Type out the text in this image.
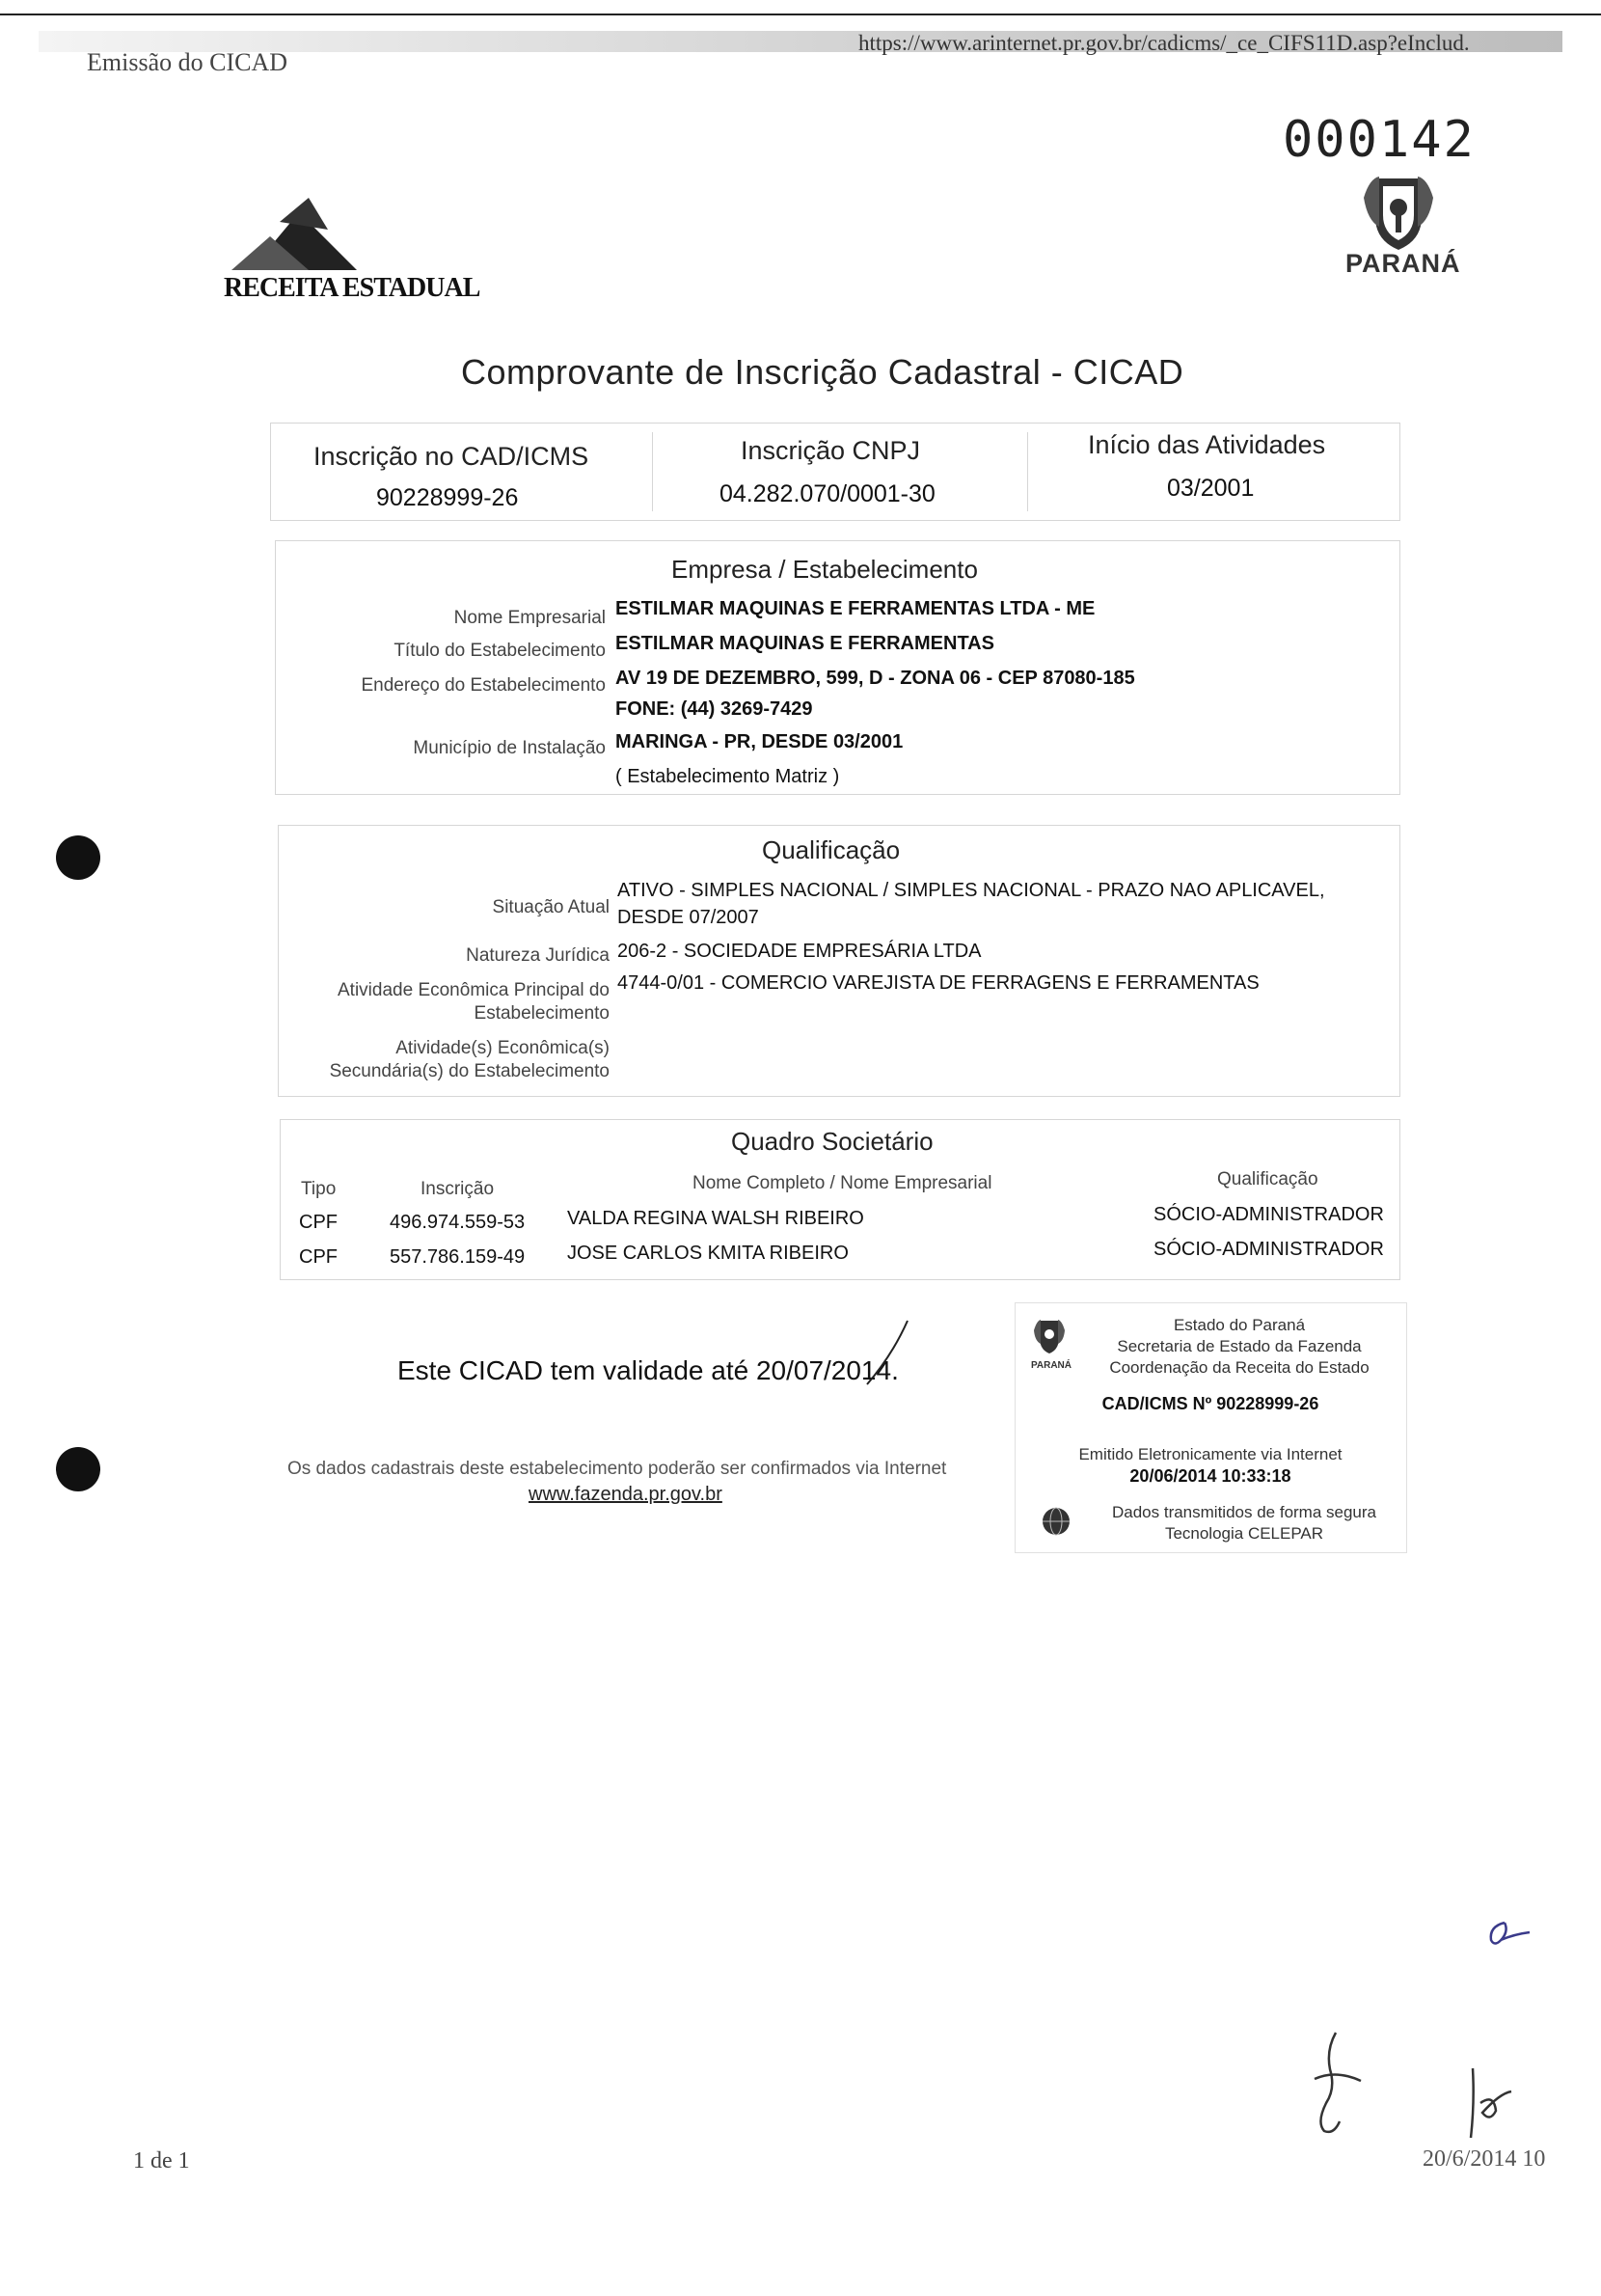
Emissão do CICAD
https://www.arinternet.pr.gov.br/cadicms/_ce_CIFS11D.asp?eInclud.
000142
PARANÁ
RECEITA ESTADUAL
Comprovante de Inscrição Cadastral - CICAD
Inscrição no CAD/ICMS
90228999-26
Inscrição CNPJ
04.282.070/0001-30
Início das Atividades
03/2001
Empresa / Estabelecimento
Nome Empresarial ESTILMAR MAQUINAS E FERRAMENTAS LTDA - ME
Título do Estabelecimento ESTILMAR MAQUINAS E FERRAMENTAS
Endereço do Estabelecimento AV 19 DE DEZEMBRO, 599, D - ZONA 06 - CEP 87080-185
FONE: (44) 3269-7429
Município de Instalação MARINGA - PR, DESDE 03/2001
( Estabelecimento Matriz )
Qualificação
Situação Atual
ATIVO - SIMPLES NACIONAL / SIMPLES NACIONAL - PRAZO NAO APLICAVEL,
DESDE 07/2007
Natureza Jurídica 206-2 - SOCIEDADE EMPRESÁRIA LTDA
Atividade Econômica Principal do
Estabelecimento
4744-0/01 - COMERCIO VAREJISTA DE FERRAGENS E FERRAMENTAS
Atividade(s) Econômica(s)
Secundária(s) do Estabelecimento
Quadro Societário
Tipo	Inscrição	Nome Completo / Nome Empresarial	Qualificação
CPF	496.974.559-53 VALDA REGINA WALSH RIBEIRO	SÓCIO-ADMINISTRADOR
CPF	557.786.159-49 JOSE CARLOS KMITA RIBEIRO	SÓCIO-ADMINISTRADOR
Este CICAD tem validade até 20/07/2014.
Os dados cadastrais deste estabelecimento poderão ser confirmados via Internet
www.fazenda.pr.gov.br
PARANÁ
Estado do Paraná
Secretaria de Estado da Fazenda
Coordenação da Receita do Estado
CAD/ICMS Nº 90228999-26
Emitido Eletronicamente via Internet
20/06/2014 10:33:18
Dados transmitidos de forma segura
Tecnologia CELEPAR
1 de 1	20/6/2014 10
